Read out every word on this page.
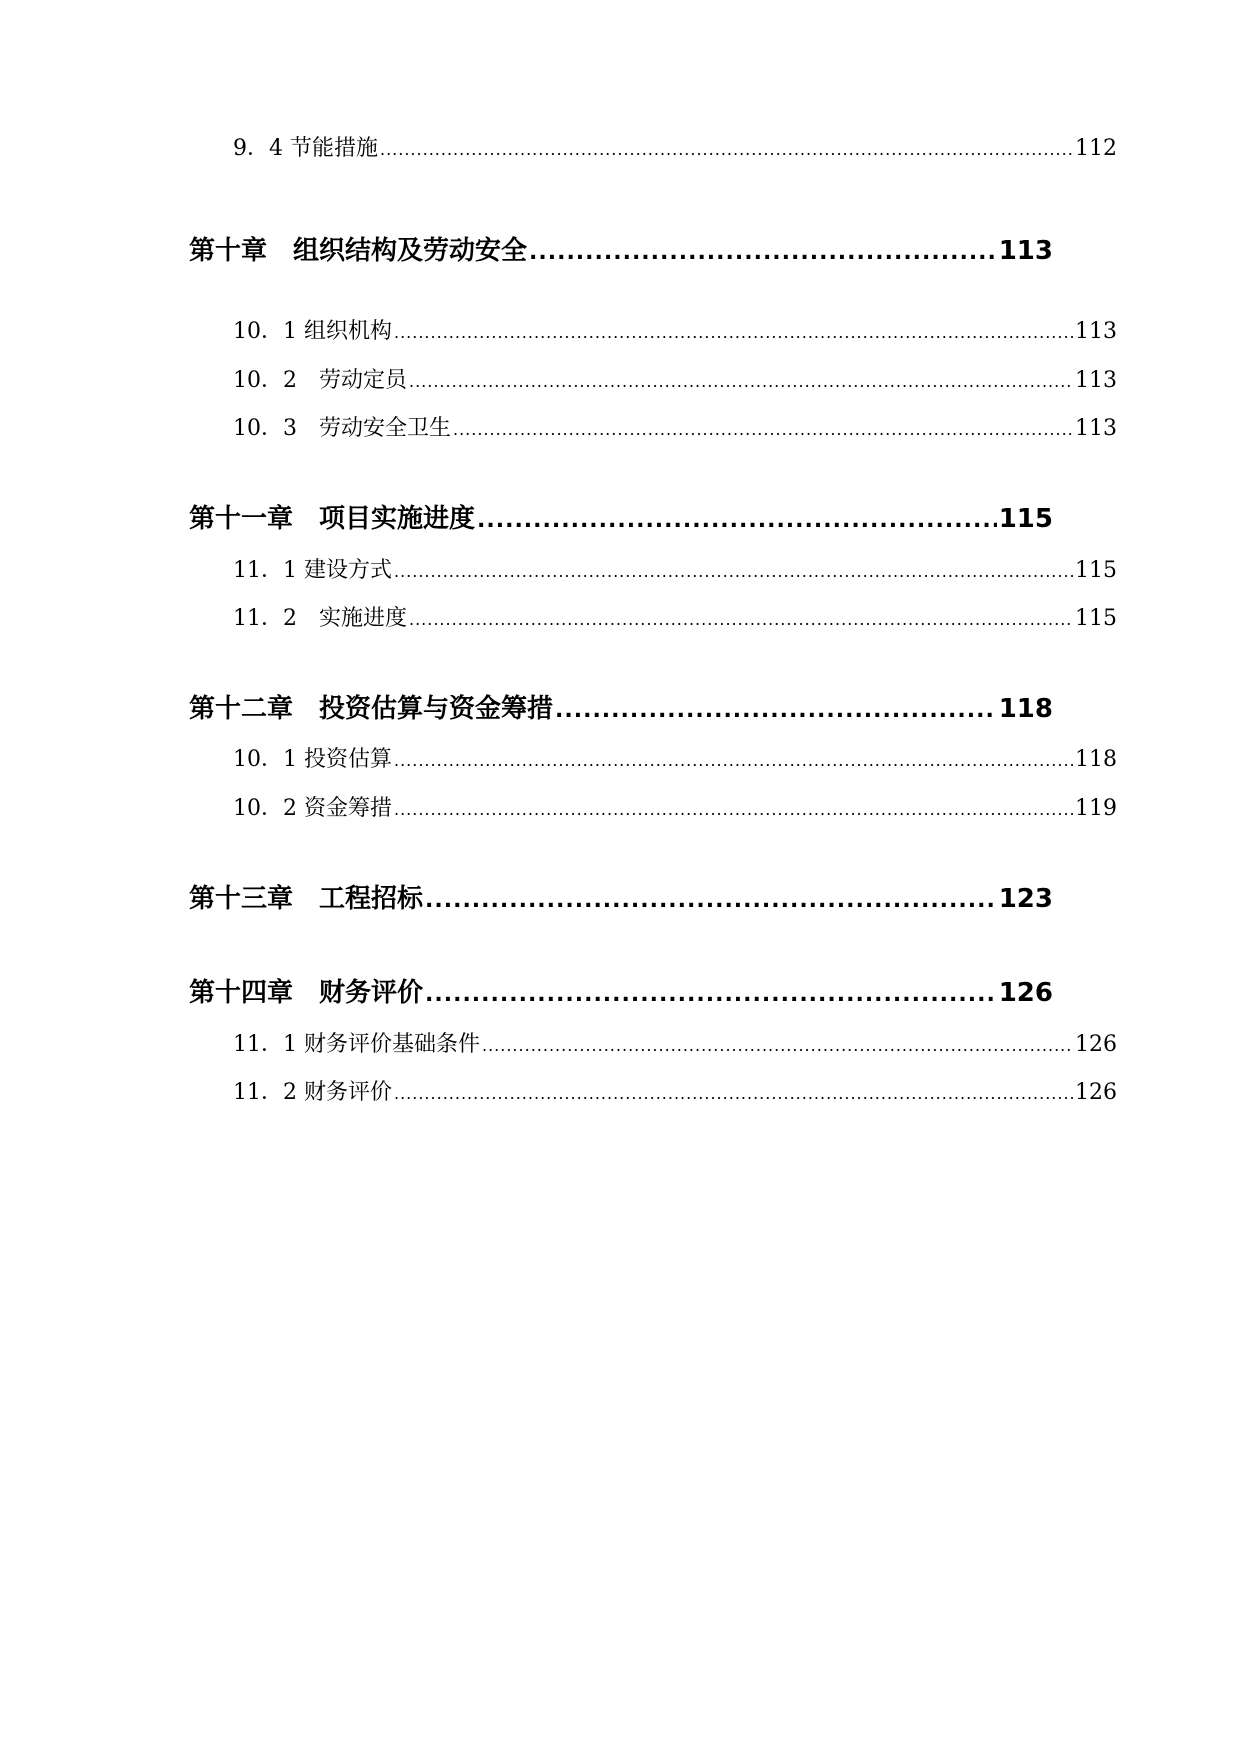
9．4 节能措施 .....	112
第十章　组织结构及劳动安全 .....	113
10．1 组织机构 .....	113
10．2　劳动定员 .....	113
10．3　劳动安全卫生 .....	113
第十一章　项目实施进度 .....	115
11．1 建设方式 .....	115
11．2　实施进度 .....	115
第十二章　投资估算与资金筹措 .....	118
10．1 投资估算 .....	118
10．2 资金筹措 .....	119
第十三章　工程招标 .....	123
第十四章　财务评价 .....	126
11．1 财务评价基础条件 .....	126
11．2 财务评价 .....	126
